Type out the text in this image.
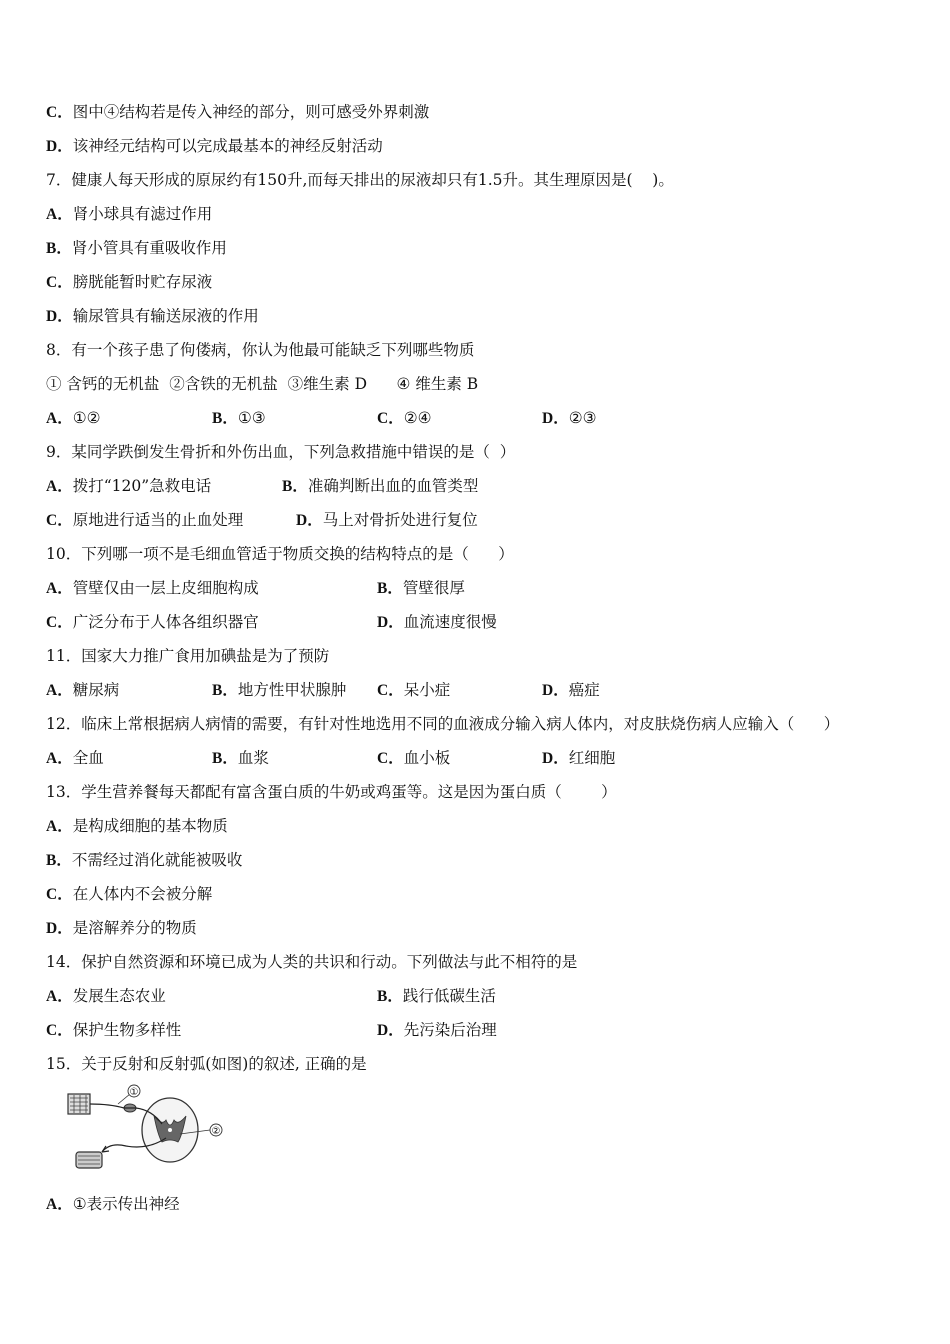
C．图中④结构若是传入神经的部分，则可感受外界刺激
D．该神经元结构可以完成最基本的神经反射活动
7．健康人每天形成的原尿约有150升,而每天排出的尿液却只有1.5升。其生理原因是(    )。
A．肾小球具有滤过作用
B．肾小管具有重吸收作用
C．膀胱能暂时贮存尿液
D．输尿管具有输送尿液的作用
8．有一个孩子患了佝偻病，你认为他最可能缺乏下列哪些物质
① 含钙的无机盐  ②含铁的无机盐  ③维生素 D      ④ 维生素 B
A．①②	B．①③	C．②④	D．②③
9．某同学跌倒发生骨折和外伤出血，下列急救措施中错误的是（  ）
A．拨打“120”急救电话	B．准确判断出血的血管类型
C．原地进行适当的止血处理	D．马上对骨折处进行复位
10．下列哪一项不是毛细血管适于物质交换的结构特点的是（      ）
A．管壁仅由一层上皮细胞构成	B．管壁很厚
C．广泛分布于人体各组织器官	D．血流速度很慢
11．国家大力推广食用加碘盐是为了预防
A．糖尿病	B．地方性甲状腺肿 C．呆小症	D．癌症
12．临床上常根据病人病情的需要，有针对性地选用不同的血液成分输入病人体内，对皮肤烧伤病人应输入（      ）
A．全血	B．血浆	C．血小板	D．红细胞
13．学生营养餐每天都配有富含蛋白质的牛奶或鸡蛋等。这是因为蛋白质（        ）
A．是构成细胞的基本物质
B．不需经过消化就能被吸收
C．在人体内不会被分解
D．是溶解养分的物质
14．保护自然资源和环境已成为人类的共识和行动。下列做法与此不相符的是
A．发展生态农业	B．践行低碳生活
C．保护生物多样性	D．先污染后治理
15．关于反射和反射弧(如图)的叙述, 正确的是
①
②
A．①表示传出神经
